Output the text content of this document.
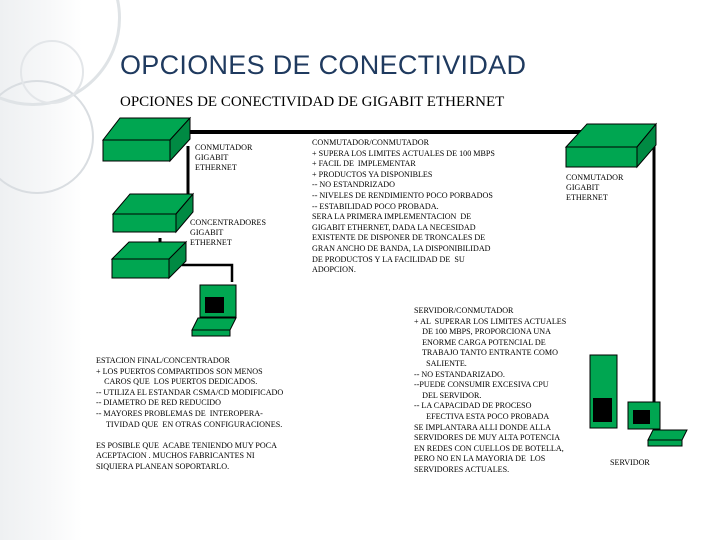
OPCIONES DE CONECTIVIDAD
OPCIONES DE CONECTIVIDAD DE GIGABIT ETHERNET
CONMUTADOR
GIGABIT
ETHERNET
CONCENTRADORES
GIGABIT
ETHERNET
CONMUTADOR
GIGABIT
ETHERNET
SERVIDOR
CONMUTADOR/CONMUTADOR
+ SUPERA LOS LIMITES ACTUALES DE 100 MBPS
+ FACIL DE  IMPLEMENTAR
+ PRODUCTOS YA DISPONIBLES
-- NO ESTANDRIZADO
-- NIVELES DE RENDIMIENTO POCO PORBADOS
-- ESTABILIDAD POCO PROBADA.
SERA LA PRIMERA IMPLEMENTACION  DE
GIGABIT ETHERNET, DADA LA NECESIDAD
EXISTENTE DE DISPONER DE TRONCALES DE
GRAN ANCHO DE BANDA, LA DISPONIBILIDAD
DE PRODUCTOS Y LA FACILIDAD DE  SU
ADOPCION.
SERVIDOR/CONMUTADOR
+ AL  SUPERAR LOS LIMITES ACTUALES
DE 100 MBPS, PROPORCIONA UNA
ENORME CARGA POTENCIAL DE
TRABAJO TANTO ENTRANTE COMO
SALIENTE.
-- NO ESTANDARIZADO.
--PUEDE CONSUMIR EXCESIVA CPU
DEL SERVIDOR.
-- LA CAPACIDAD DE PROCESO
EFECTIVA ESTA POCO PROBADA
SE IMPLANTARA ALLI DONDE ALLA
SERVIDORES DE MUY ALTA POTENCIA
EN REDES CON CUELLOS DE BOTELLA,
PERO NO EN LA MAYORIA DE  LOS
SERVIDORES ACTUALES.
ESTACION FINAL/CONCENTRADOR
+ LOS PUERTOS COMPARTIDOS SON MENOS
CAROS QUE  LOS PUERTOS DEDICADOS.
-- UTILIZA EL ESTANDAR CSMA/CD MODIFICADO
-- DIAMETRO DE RED REDUCIDO
-- MAYORES PROBLEMAS DE  INTEROPERA-
TIVIDAD QUE  EN OTRAS CONFIGURACIONES.

ES POSIBLE QUE  ACABE TENIENDO MUY POCA
ACEPTACION . MUCHOS FABRICANTES NI
SIQUIERA PLANEAN SOPORTARLO.
